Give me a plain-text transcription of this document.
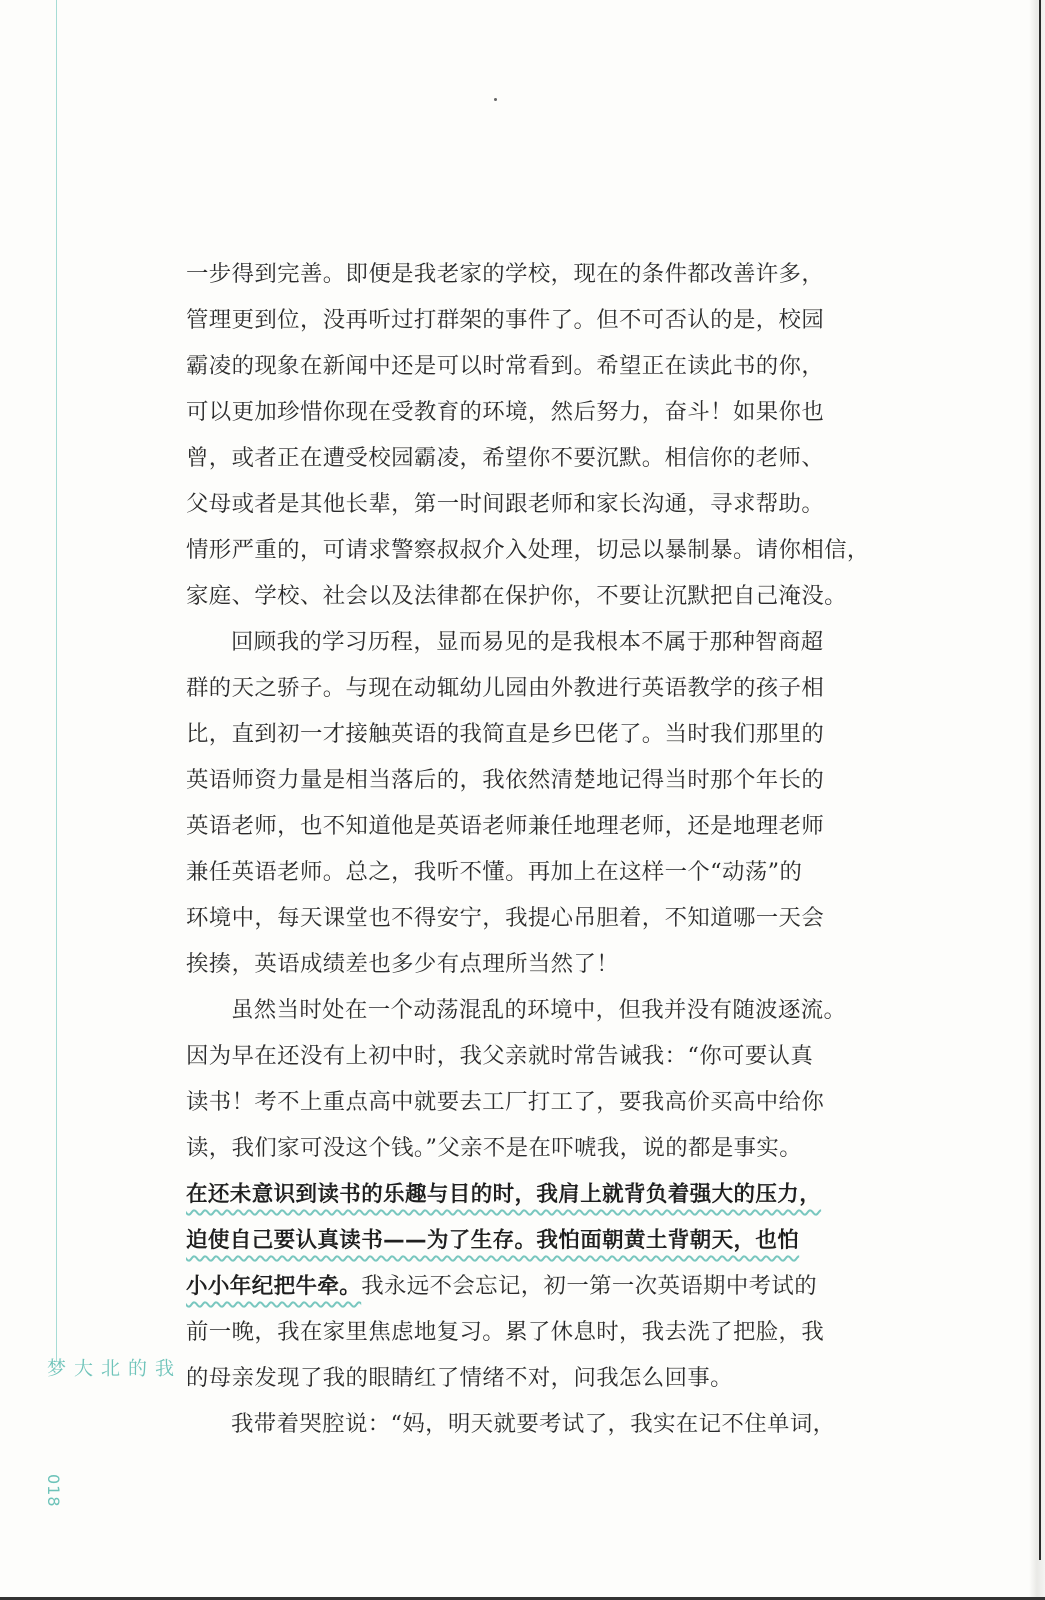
我的北大梦
018
一步得到完善。即便是我老家的学校，现在的条件都改善许多，
管理更到位，没再听过打群架的事件了。但不可否认的是，校园
霸凌的现象在新闻中还是可以时常看到。希望正在读此书的你，
可以更加珍惜你现在受教育的环境，然后努力，奋斗！如果你也
曾，或者正在遭受校园霸凌，希望你不要沉默。相信你的老师、
父母或者是其他长辈，第一时间跟老师和家长沟通，寻求帮助。
情形严重的，可请求警察叔叔介入处理，切忌以暴制暴。请你相信，
家庭、学校、社会以及法律都在保护你，不要让沉默把自己淹没。
回顾我的学习历程，显而易见的是我根本不属于那种智商超
群的天之骄子。与现在动辄幼儿园由外教进行英语教学的孩子相
比，直到初一才接触英语的我简直是乡巴佬了。当时我们那里的
英语师资力量是相当落后的，我依然清楚地记得当时那个年长的
英语老师，也不知道他是英语老师兼任地理老师，还是地理老师
兼任英语老师。总之，我听不懂。再加上在这样一个“动荡”的
环境中，每天课堂也不得安宁，我提心吊胆着，不知道哪一天会
挨揍，英语成绩差也多少有点理所当然了！
虽然当时处在一个动荡混乱的环境中，但我并没有随波逐流。
因为早在还没有上初中时，我父亲就时常告诫我：“你可要认真
读书！考不上重点高中就要去工厂打工了，要我高价买高中给你
读，我们家可没这个钱。”父亲不是在吓唬我，说的都是事实。
在还未意识到读书的乐趣与目的时，我肩上就背负着强大的压力，
迫使自己要认真读书——为了生存。我怕面朝黄土背朝天，也怕
小小年纪把牛牵。我永远不会忘记，初一第一次英语期中考试的
前一晚，我在家里焦虑地复习。累了休息时，我去洗了把脸，我
的母亲发现了我的眼睛红了情绪不对，问我怎么回事。
我带着哭腔说：“妈，明天就要考试了，我实在记不住单词，
